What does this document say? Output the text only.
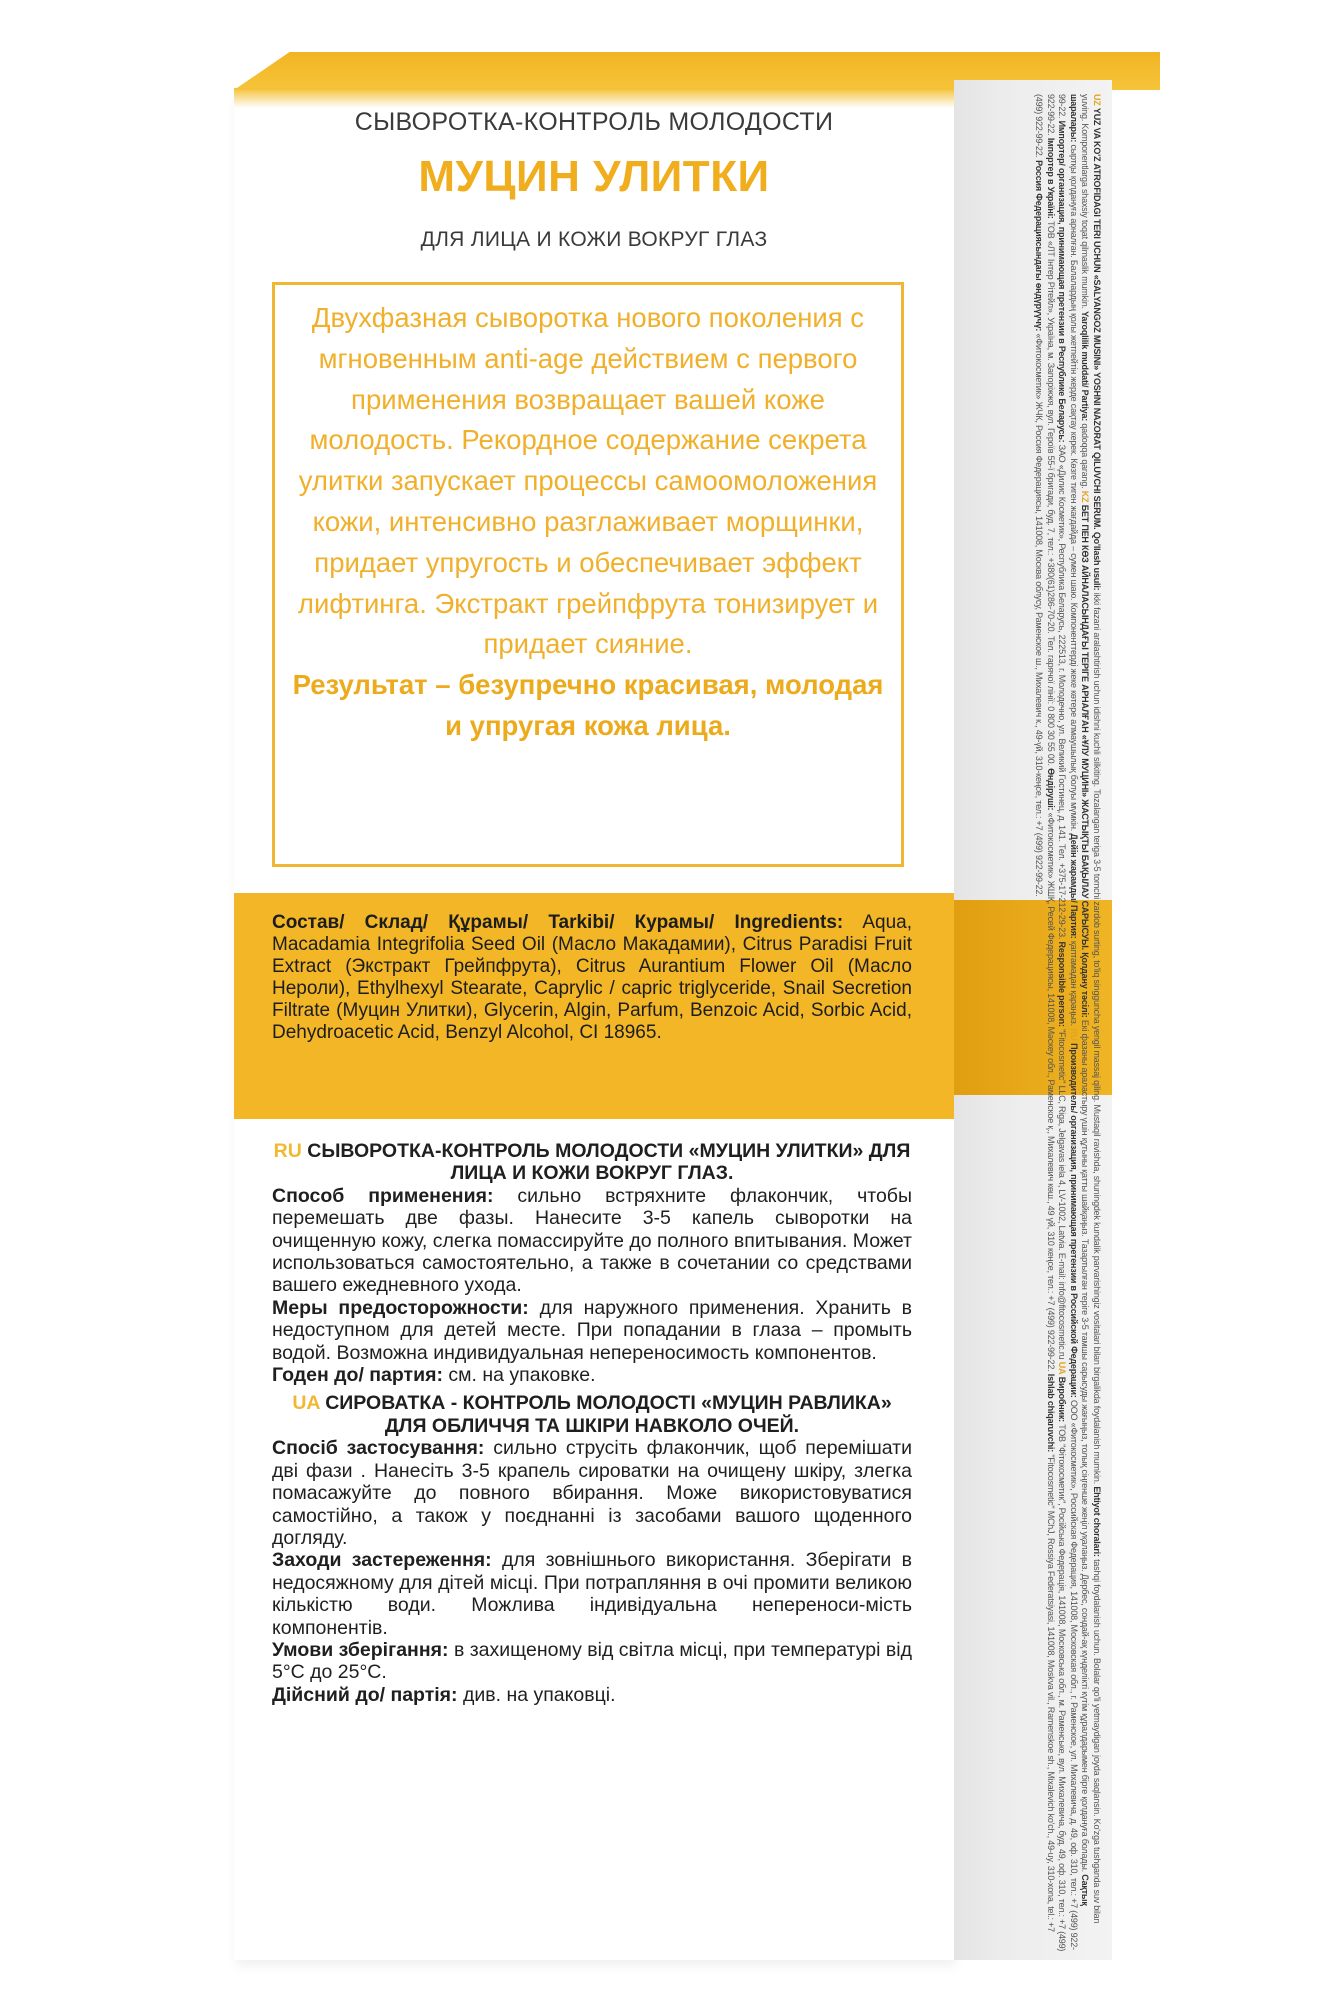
UZ YUZ VA KO'Z ATROFIDAGI TERI UCHUN «SALYANGOZ MUSINI» YOSHNI NAZORAT QILUVCHI SERUM. Qo'llash usuli: ikki fazani aralashtirish uchun idishni kuchli silkiting. Tozalangan teriga 3-5 tomchi zardob surting, to'liq singguncha yengil massaj qiling. Mustaqil ravishda, shuningdek kundalik parvarishingiz vositalari bilan birgalikda foydalanish mumkin. Ehtiyot choralari: tashqi foydalanish uchun. Bolalar qo'li yetmaydigan joyda saqlansin. Ko'zga tushganda suv bilan yuving. Komponentlarga shaxsiy toqat qilmaslik mumkin. Yaroqlilik muddati/ Partiya: qadoqqa qarang. KZ БЕТ ПЕН КӨЗ АЙНАЛАСЫНДАҒЫ ТЕРІГЕ АРНАЛҒАН «ҰЛУ МУЦИНІ» ЖАСТЫҚТЫ БАҚЫЛАУ САРЫСУЫ. Қолдану тәсілі: Екі фазаны араластыру үшін құтыны қатты шайқаңыз. Тазартылған теріге 3-5 тамшы сарысуды жағыңыз, толық сіңгенше жеңіл уқалаңыз. Дербес, сондай-ақ күнделікті күтім құралдарымен бірге қолдануға болады. Сақтық шаралары: сыртқы қолдануға арналған. Балалардың қолы жетпейтін жерде сақтау керек. Көзге тиген жағдайда – сумен шаю. Компоненттерді жеке көтере алмаушылық болуы мүмкін. Дейін жарамды/ Партия: қаптамадан қараңыз. RU Производитель/ организация, принимающая претензии в Российской Федерации: ООО «Фитокосметик», Российская Федерация, 141008, Московская обл., г. Раменское, ул. Михалевича, д. 49, оф. 310, тел.: +7 (499) 922-99-22. Импортер/ организация, принимающая претензии в Республике Беларусь: ЗАО «Дилис Косметик», Республика Беларусь, 222513, г. Молодечно, ул. Великий Гостинец, д. 141. Тел. +375-17-212-29-23. Responsible person: "Fitocosmetic" LLC, Riga, Jelgavas iela 4, LV-1002, Latvia. E-mail: info@fitocosmetic.ru UA Виробник: ТОВ "Фітокосметик", Російська Федерація, 141008, Московська обл., м. Раменське, вул. Михалевича, буд. 49, оф. 310, тел.: +7 (499) 922-99-22. Імпортер в Україні: ТОВ «ЛТ Інтер Рітейл», Україна, м. Запоріжжя, вул. Героїв 55-ї бригади, буд. 7, тел.: +380(61)286-70-20. Тел. гарячої лінії: 0 800 30 55 00. Өндіруші: «Фитокосметик» ЖШҚ, Ресей Федерациясы, 141008, Мәскеу обл., Раменское қ., Михалевич көш., 49 үй, 310 кеңсе, тел.: +7 (499) 922-99-22. Ishlab chiqaruvchi: "Fitocosmetic" MChJ, Rossiya Federatsiyasi, 141008, Moskva vil., Ramenskoe sh., Mixalevich ko'ch., 49-uy, 310-xona, tel.: +7 (499) 922-99-22. Россия Федерациясындагы өндүрүүчү: «Фитокосметик» ЖЧК, Россия Федерациясы, 141008, Москва облусу, Раменское ш., Михалевич к., 49-үй, 310-кеңсе, тел.: +7 (499) 922-99-22.
СЫВОРОТКА-КОНТРОЛЬ МОЛОДОСТИ
МУЦИН УЛИТКИ
ДЛЯ ЛИЦА И КОЖИ ВОКРУГ ГЛАЗ
Двухфазная сыворотка нового поколения с мгновенным anti-age действием с первого применения возвращает вашей коже молодость. Рекордное содержание секрета улитки запускает процессы самоомоложения кожи, интенсивно разглаживает морщинки, придает упругость и обеспечивает эффект лифтинга. Экстракт грейпфрута тонизирует и придает сияние.
Результат – безупречно красивая, молодая и упругая кожа лица.
Состав/ Склад/ Құрамы/ Tarkibi/ Курамы/ Ingredients: Aqua, Macadamia Integrifolia Seed Oil (Масло Макадамии), Citrus Paradisi Fruit Extract (Экстракт Грейпфрута), Citrus Aurantium Flower Oil (Масло Нероли), Ethylhexyl Stearate, Caprylic / capric triglyceride, Snail Secretion Filtrate (Муцин Улитки), Glycerin, Algin, Parfum, Benzoic Acid, Sorbic Acid, Dehydroacetic Acid, Benzyl Alcohol, CI 18965.
RU СЫВОРОТКА-КОНТРОЛЬ МОЛОДОСТИ «МУЦИН УЛИТКИ» ДЛЯ ЛИЦА И КОЖИ ВОКРУГ ГЛАЗ.

Способ применения: сильно встряхните флакончик, чтобы перемешать две фазы. Нанесите 3-5 капель сыворотки на очищенную кожу, слегка помассируйте до полного впитывания. Может использоваться самостоятельно, а также в сочетании со средствами вашего ежедневного ухода.

Меры предосторожности: для наружного применения. Хранить в недоступном для детей месте. При попадании в глаза – промыть водой. Возможна индивидуальная непереносимость компонентов.

Годен до/ партия: см. на упаковке.

UA СИРОВАТКА - КОНТРОЛЬ МОЛОДОСТІ «МУЦИН РАВЛИКА» ДЛЯ ОБЛИЧЧЯ ТА ШКІРИ НАВКОЛО ОЧЕЙ.

Спосіб застосування: сильно струсіть флакончик, щоб перемішати дві фази . Нанесіть 3-5 крапель сироватки на очищену шкіру, злегка помасажуйте до повного вбирання. Може використовуватися самостійно, а також у поєднанні із засобами вашого щоденного догляду.

Заходи застереження: для зовнішнього використання. Зберігати в недосяжному для дітей місці. При потрапляння в очі промити великою кількістю води. Можлива індивідуальна непереноси-мість компонентів.

Умови зберігання: в захищеному від світла місці, при температурі від 5°С до 25°С.

Дійсний до/ партія: див. на упаковці.
